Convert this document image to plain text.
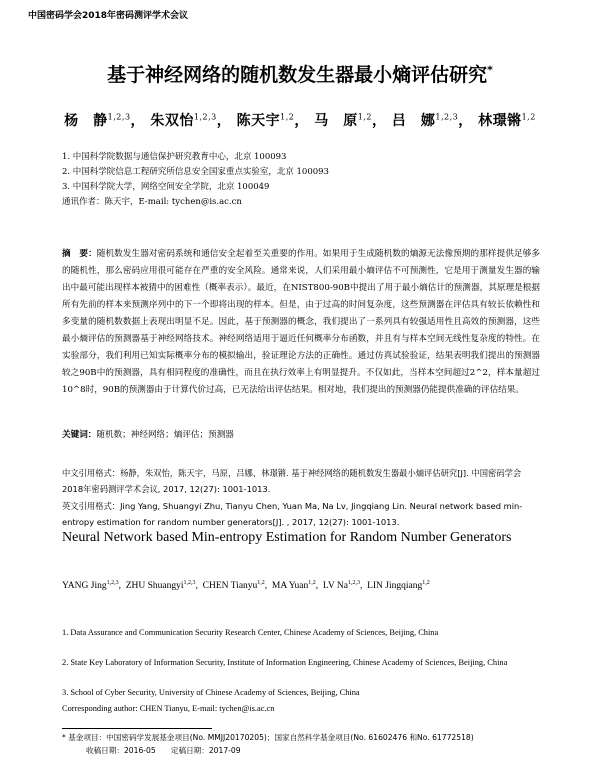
中国密码学会2018年密码测评学术会议
基于神经网络的随机数发生器最小熵评估研究*
杨　静$^{1,2,3}$， 朱双怡$^{1,2,3}$， 陈天宇$^{1,2}$， 马　原$^{1,2}$， 吕　娜$^{1,2,3}$， 林璟锵$^{1,2}$
1. 中国科学院数据与通信保护研究教育中心，北京 100093
2. 中国科学院信息工程研究所信息安全国家重点实验室，北京 100093
3. 中国科学院大学，网络空间安全学院，北京 100049
通讯作者：陈天宇，E-mail: tychen@is.ac.cn
摘　要：随机数发生器对密码系统和通信安全起着至关重要的作用。如果用于生成随机数的熵源无法像预期的那样提供足够多的随机性，那么密码应用很可能存在严重的安全风险。通常来说，人们采用最小熵评估不可预测性，它是用于测量发生器的输出中最可能出现样本被猜中的困难性（概率表示）。最近，在NIST800-90B中提出了用于最小熵估计的预测器，其原理是根据所有先前的样本来预测序列中的下一个即将出现的样本。但是，由于过高的时间复杂度，这些预测器在评估具有较长依赖性和多变量的随机数数据上表现出明显不足。因此，基于预测器的概念，我们提出了一系列具有较强适用性且高效的预测器，这些最小熵评估的预测器基于神经网络技术。神经网络适用于逼近任何概率分布函数，并且有与样本空间无线性复杂度的特性。在实验部分，我们利用已知实际概率分布的模拟输出，验证理论方法的正确性。通过仿真试验验证，结果表明我们提出的预测器较之90B中的预测器，具有相同程度的准确性，而且在执行效率上有明显提升。不仅如此，当样本空间超过2^2，样本量超过10^8时，90B的预测器由于计算代价过高，已无法给出评估结果。相对地，我们提出的预测器仍能提供准确的评估结果。
关键词：随机数；神经网络；熵评估；预测器
中文引用格式：杨静，朱双怡，陈天宇，马原，吕娜，林璟锵. 基于神经网络的随机数发生器最小熵评估研究[J]. 中国密码学会2018年密码测评学术会议, 2017, 12(27): 1001-1013.
英文引用格式：Jing Yang, Shuangyi Zhu, Tianyu Chen, Yuan Ma, Na Lv, Jingqiang Lin. Neural network based min-entropy estimation for random number generators[J]. , 2017, 12(27): 1001-1013.
Neural Network based Min-entropy Estimation for Random Number Generators
YANG Jing$^{1,2,3}$,  ZHU Shuangyi$^{1,2,3}$,  CHEN Tianyu$^{1,2}$,  MA Yuan$^{1,2}$,  LV Na$^{1,2,3}$,  LIN Jingqiang$^{1,2}$
1. Data Assurance and Communication Security Research Center, Chinese Academy of Sciences, Beijing, China
2. State Key Laboratory of Information Security, Institute of Information Engineering, Chinese Academy of Sciences, Beijing, China
3. School of Cyber Security, University of Chinese Academy of Sciences, Beijing, China
Corresponding author: CHEN Tianyu, E-mail: tychen@is.ac.cn
* 基金项目：中国密码学发展基金项目(No. MMJJ20170205)；国家自然科学基金项目(No. 61602476 和No. 61772518)
收稿日期：2016-05　　定稿日期：2017-09
